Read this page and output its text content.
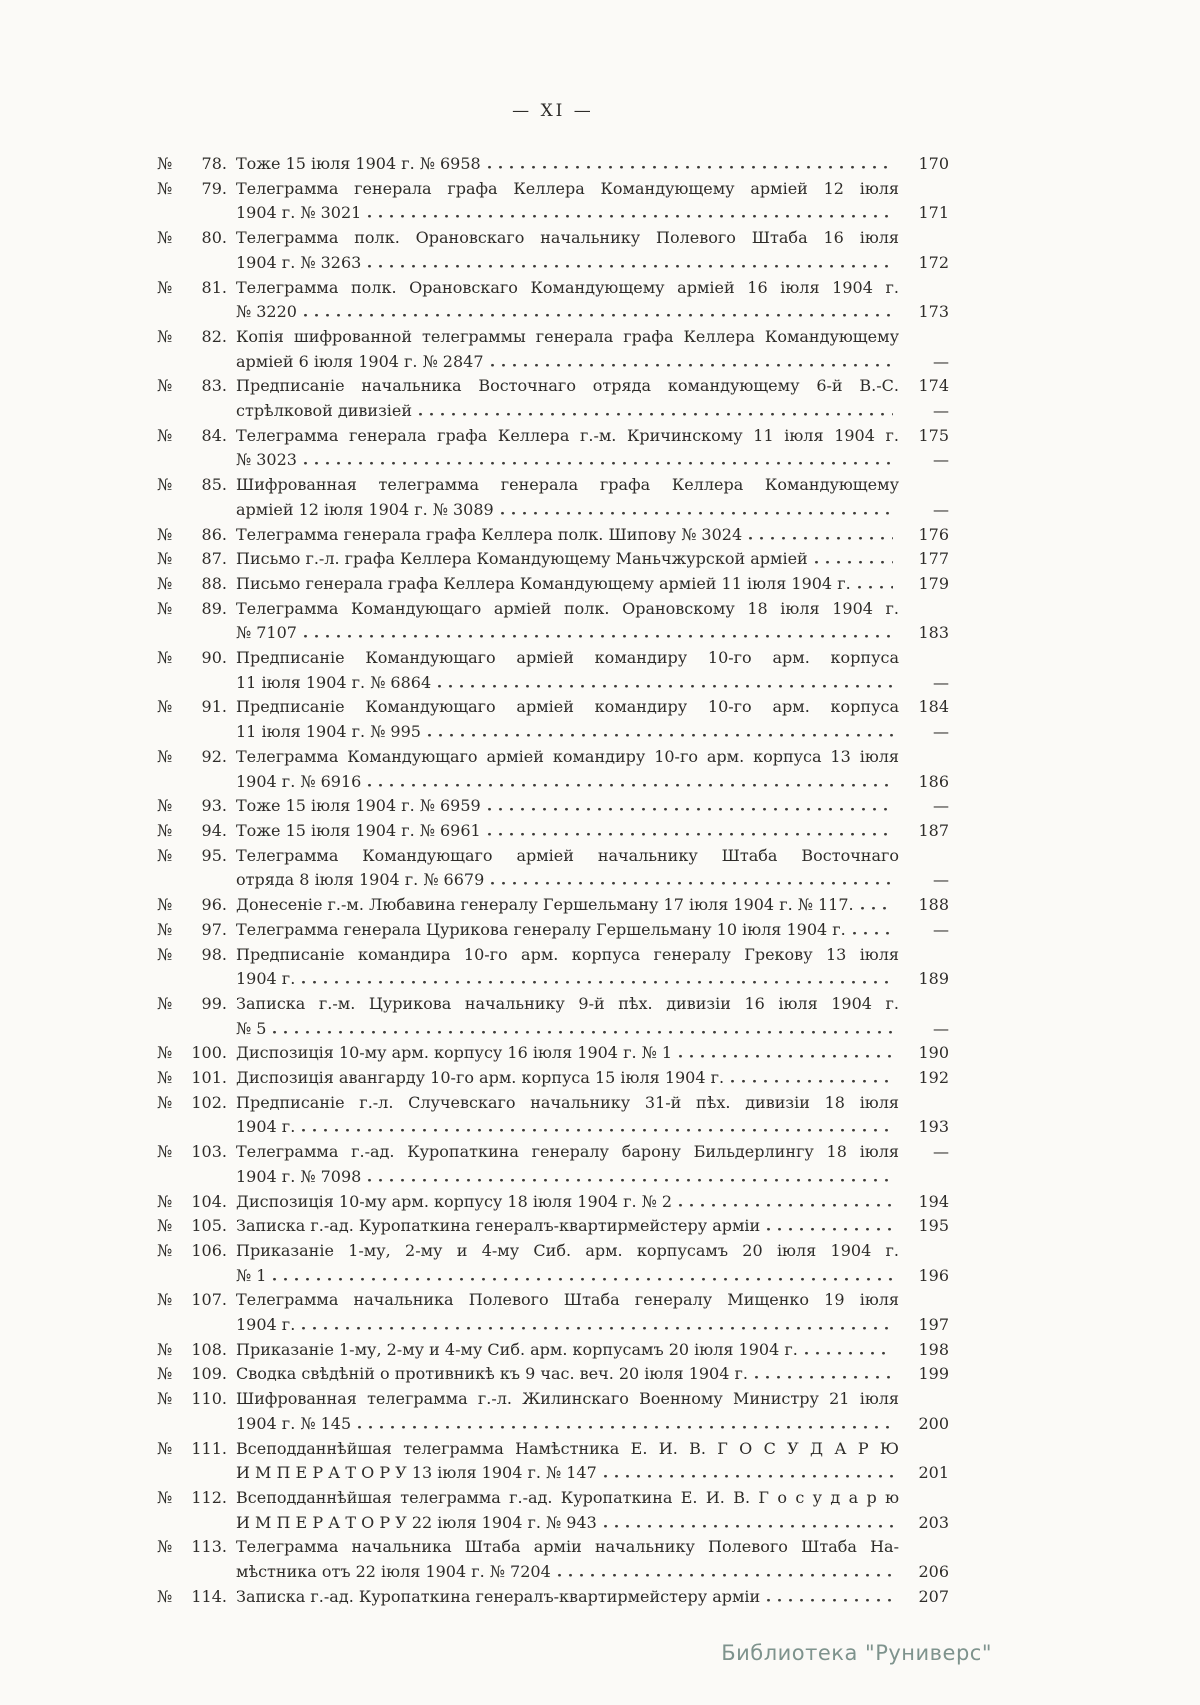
— XI —
№ 78. Тоже 15 іюля 1904 г. № 6958	170
№ 79. Телеграмма генерала графа Келлера Командующему арміей 12 іюля
1904 г. № 3021	171
№ 80. Телеграмма полк. Орановскаго начальнику Полевого Штаба 16 іюля
1904 г. № 3263	172
№ 81. Телеграмма полк. Орановскаго Командующему арміей 16 іюля 1904 г.
№ 3220	173
№ 82. Копія шифрованной телеграммы генерала графа Келлера Командующему
арміей 6 іюля 1904 г. № 2847	—
№ 83. Предписаніе начальника Восточнаго отряда командующему 6-й В.-С.	174
стрѣлковой дивизіей	—
№ 84. Телеграмма генерала графа Келлера г.-м. Кричинскому 11 іюля 1904 г.	175
№ 3023	—
№ 85. Шифрованная телеграмма генерала графа Келлера Командующему
арміей 12 іюля 1904 г. № 3089	—
№ 86. Телеграмма генерала графа Келлера полк. Шипову № 3024	176
№ 87. Письмо г.-л. графа Келлера Командующему Маньчжурской арміей	177
№ 88. Письмо генерала графа Келлера Командующему арміей 11 іюля 1904 г.	179
№ 89. Телеграмма Командующаго арміей полк. Орановскому 18 іюля 1904 г.
№ 7107	183
№ 90. Предписаніе Командующаго арміей командиру 10-го арм. корпуса
11 іюля 1904 г. № 6864	—
№ 91. Предписаніе Командующаго арміей командиру 10-го арм. корпуса	184
11 іюля 1904 г. № 995	—
№ 92. Телеграмма Командующаго арміей командиру 10-го арм. корпуса 13 іюля
1904 г. № 6916	186
№ 93. Тоже 15 іюля 1904 г. № 6959	—
№ 94. Тоже 15 іюля 1904 г. № 6961	187
№ 95. Телеграмма Командующаго арміей начальнику Штаба Восточнаго
отряда 8 іюля 1904 г. № 6679	—
№ 96. Донесеніе г.-м. Любавина генералу Гершельману 17 іюля 1904 г. № 117.	188
№ 97. Телеграмма генерала Цурикова генералу Гершельману 10 іюля 1904 г.	—
№ 98. Предписаніе командира 10-го арм. корпуса генералу Грекову 13 іюля
1904 г.	189
№ 99. Записка г.-м. Цурикова начальнику 9-й пѣх. дивизіи 16 іюля 1904 г.
№ 5	—
№ 100. Диспозиція 10-му арм. корпусу 16 іюля 1904 г. № 1	190
№ 101. Диспозиція авангарду 10-го арм. корпуса 15 іюля 1904 г.	192
№ 102. Предписаніе г.-л. Случевскаго начальнику 31-й пѣх. дивизіи 18 іюля
1904 г.	193
№ 103. Телеграмма г.-ад. Куропаткина генералу барону Бильдерлингу 18 іюля	—
1904 г. № 7098
№ 104. Диспозиція 10-му арм. корпусу 18 іюля 1904 г. № 2	194
№ 105. Записка г.-ад. Куропаткина генералъ-квартирмейстеру арміи	195
№ 106. Приказаніе 1-му, 2-му и 4-му Сиб. арм. корпусамъ 20 іюля 1904 г.
№ 1	196
№ 107. Телеграмма начальника Полевого Штаба генералу Мищенко 19 іюля
1904 г.	197
№ 108. Приказаніе 1-му, 2-му и 4-му Сиб. арм. корпусамъ 20 іюля 1904 г.	198
№ 109. Сводка свѣдѣній о противникѣ къ 9 час. веч. 20 іюля 1904 г.	199
№ 110. Шифрованная телеграмма г.-л. Жилинскаго Военному Министру 21 іюля
1904 г. № 145	200
№ 111. Всеподданнѣйшая телеграмма Намѣстника Е. И. В. Г О С У Д А Р Ю
И М П Е Р А Т О Р У 13 іюля 1904 г. № 147	201
№ 112. Всеподданнѣйшая телеграмма г.-ад. Куропаткина Е. И. В. Г о с у д а р ю
И М П Е Р А Т О Р У 22 іюля 1904 г. № 943	203
№ 113. Телеграмма начальника Штаба арміи начальнику Полевого Штаба На-
мѣстника отъ 22 іюля 1904 г. № 7204	206
№ 114. Записка г.-ад. Куропаткина генералъ-квартирмейстеру арміи	207
Библиотека "Руниверс"
